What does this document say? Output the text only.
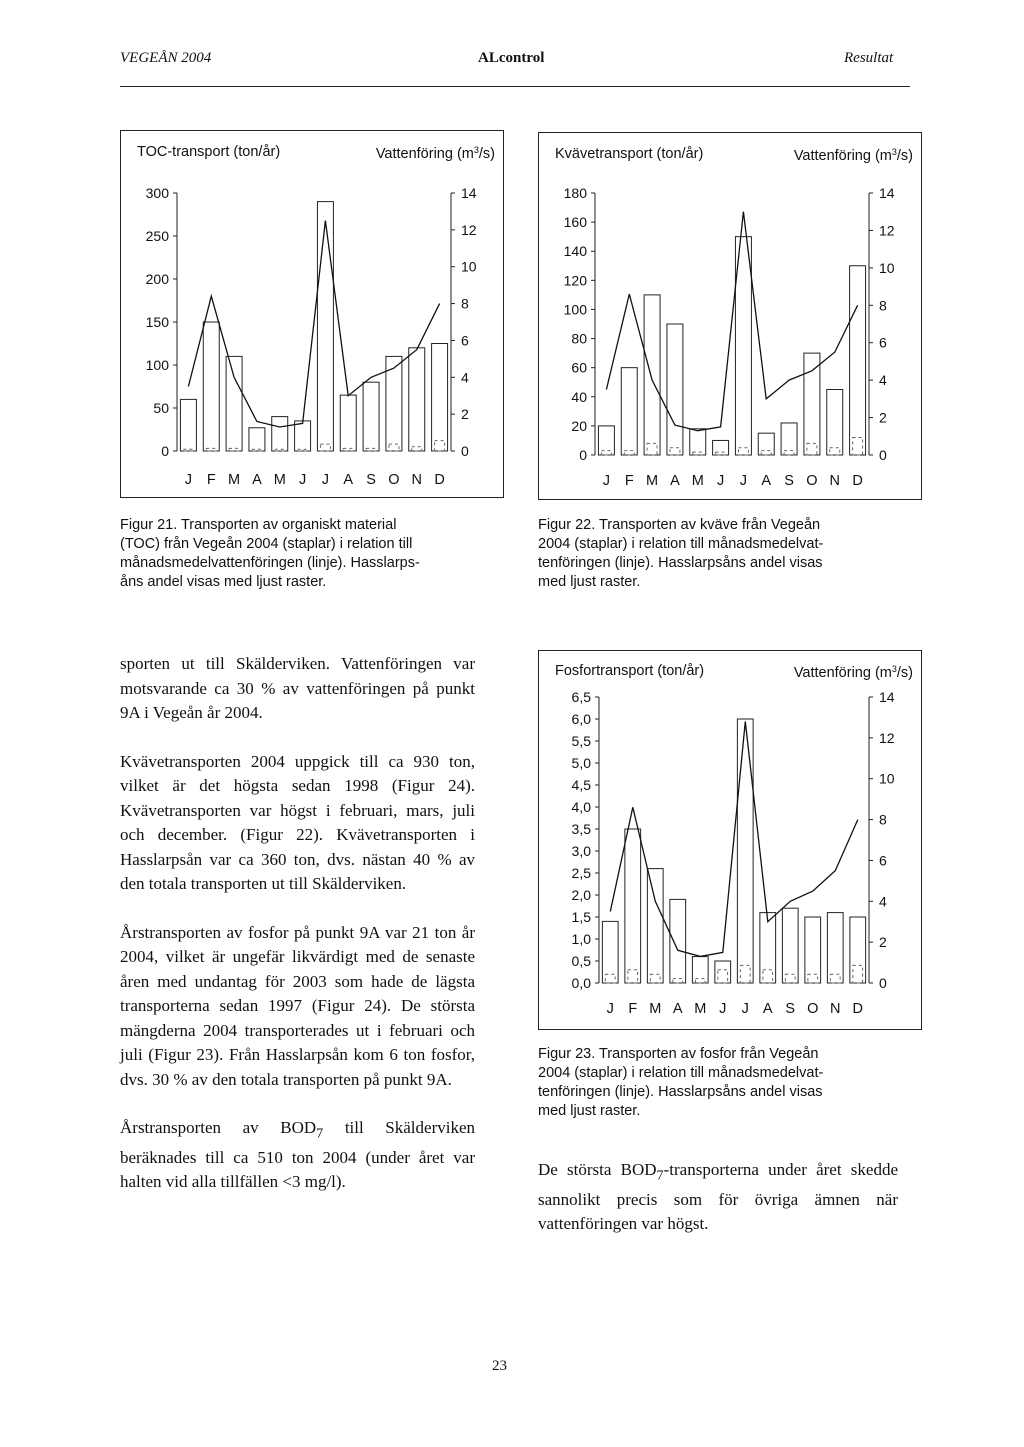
VEGEÅN 2004	ALcontrol	Resultat
TOC-transport (ton/år)	Vattenföring $(m^3/s)$
0
50
100
150
200
250
300
0
2
4
6
8
10
12
14
J F M A M J J A S O N D
Kvävetransport (ton/år)	Vattenföring $(m^3/s)$
0
20
40
60
80
100
120
140
160
180
0
2
4
6
8
10
12
14
J F M A M J J A S O N D
Fosfortransport (ton/år)	Vattenföring $(m^3/s)$
0,0
0,5
1,0
1,5
2,0
2,5
3,0
3,5
4,0
4,5
5,0
5,5
6,0
6,5
0
2
4
6
8
10
12
14
J F M A M J J A S O N D
Figur 21. Transporten av organiskt material
(TOC) från Vegeån 2004 (staplar) i relation till
månadsmedelvattenföringen (linje). Hasslarps-
åns andel visas med ljust raster.
Figur 22. Transporten av kväve från Vegeån
2004 (staplar) i relation till månadsmedelvat-
tenföringen (linje). Hasslarpsåns andel visas
med ljust raster.
Figur 23. Transporten av fosfor från Vegeån
2004 (staplar) i relation till månadsmedelvat-
tenföringen (linje). Hasslarpsåns andel visas
med ljust raster.

sporten ut till Skälderviken. Vattenföringen var motsvarande ca 30 % av vattenföringen på punkt 9A i Vegeån år 2004.

Kvävetransporten 2004 uppgick till ca 930 ton, vilket är det högsta sedan 1998 (Figur 24). Kvävetransporten var högst i februari, mars, juli och december. (Figur 22). Kvävetransporten i Hasslarpsån var ca 360 ton, dvs. nästan 40 % av den totala transporten ut till Skälderviken.

Årstransporten av fosfor på punkt 9A var 21 ton år 2004, vilket är ungefär likvärdigt med de senaste åren med undantag för 2003 som hade de lägsta transporterna sedan 1997 (Figur 24). De största mängderna 2004 transporterades ut i februari och juli (Figur 23). Från Hasslarpsån kom 6 ton fosfor, dvs. 30 % av den totala transporten på punkt 9A.

Årstransporten av $BOD_7$ till Skälderviken beräknades till ca 510 ton 2004 (under året var halten vid alla tillfällen <3 mg/l).

De största $BOD_7$-transporterna under året skedde sannolikt precis som för övriga ämnen när vattenföringen var högst.

23
